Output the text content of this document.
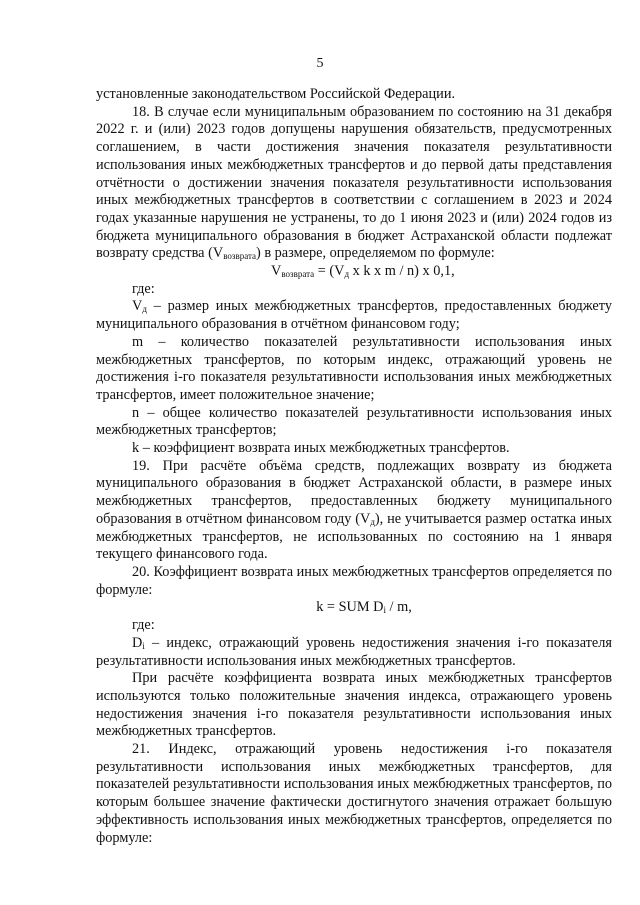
5

установленные законодательством Российской Федерации.

18. В случае если муниципальным образованием по состоянию на 31 декабря 2022 г. и (или) 2023 годов допущены нарушения обязательств, предусмотренных соглашением, в части достижения значения показателя результативности использования иных межбюджетных трансфертов и до первой даты представления отчётности о достижении значения показателя результативности использования иных межбюджетных трансфертов в соответствии с соглашением в 2023 и 2024 годах указанные нарушения не устранены, то до 1 июня 2023 и (или) 2024 годов из бюджета муниципального образования в бюджет Астраханской области подлежат возврату средства $(V_{возврата})$ в размере, определяемом по формуле:

$V_{возврата} = (V_д$ x k x m / n) x 0,1,

где:

$V_д$ – размер иных межбюджетных трансфертов, предоставленных бюджету муниципального образования в отчётном финансовом году;

m – количество показателей результативности использования иных межбюджетных трансфертов, по которым индекс, отражающий уровень не достижения i-го показателя результативности использования иных межбюджетных трансфертов, имеет положительное значение;

n – общее количество показателей результативности использования иных межбюджетных трансфертов;

k – коэффициент возврата иных межбюджетных трансфертов.

19. При расчёте объёма средств, подлежащих возврату из бюджета муниципального образования в бюджет Астраханской области, в размере иных межбюджетных трансфертов, предоставленных бюджету муниципального образования в отчётном финансовом году $(V_д)$, не учитывается размер остатка иных межбюджетных трансфертов, не использованных по состоянию на 1 января текущего финансового года.

20. Коэффициент возврата иных межбюджетных трансфертов определяется по формуле:

k = SUM $D_i$ / m,

где:

$D_i$ – индекс, отражающий уровень недостижения значения i-го показателя результативности использования иных межбюджетных трансфертов.

При расчёте коэффициента возврата иных межбюджетных трансфертов используются только положительные значения индекса, отражающего уровень недостижения значения i-го показателя результативности использования иных межбюджетных трансфертов.

21. Индекс, отражающий уровень недостижения i-го показателя результативности использования иных межбюджетных трансфертов, для показателей результативности использования иных межбюджетных трансфертов, по которым большее значение фактически достигнутого значения отражает большую эффективность использования иных межбюджетных трансфертов, определяется по формуле:
